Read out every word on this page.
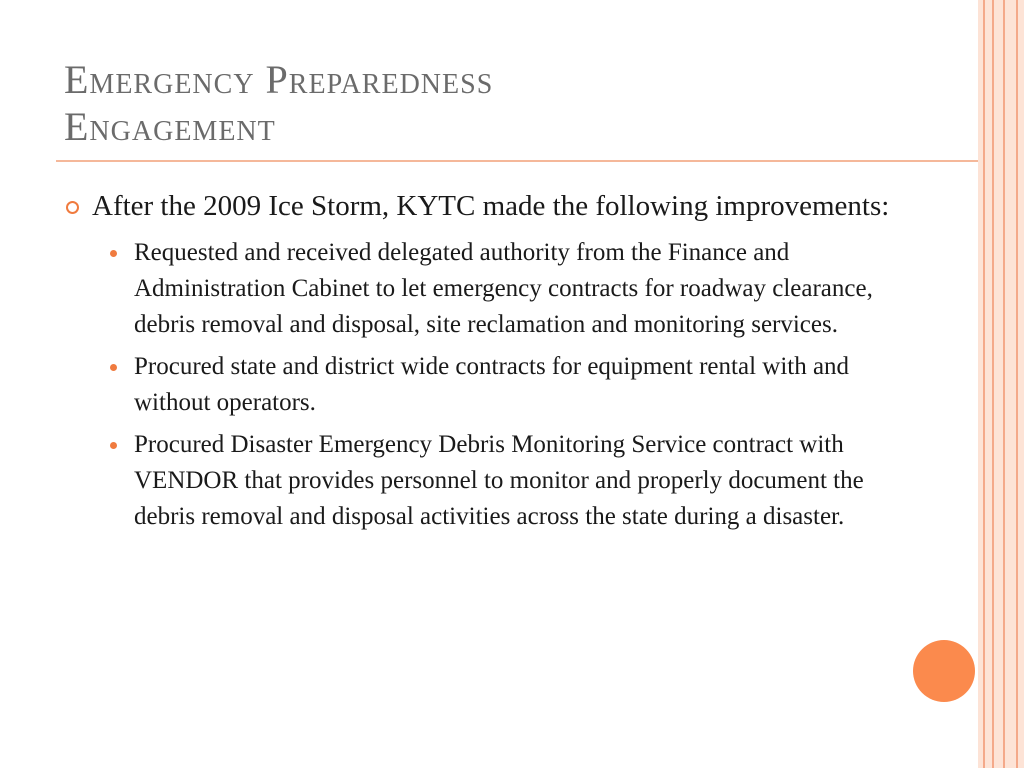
Emergency Preparedness
Engagement
After the 2009 Ice Storm, KYTC made the following improvements:
Requested and received delegated authority from the Finance and Administration Cabinet to let emergency contracts for roadway clearance, debris removal and disposal, site reclamation and monitoring services.
Procured state and district wide contracts for equipment rental with and without operators.
Procured Disaster Emergency Debris Monitoring Service contract with VENDOR that provides personnel to monitor and properly document the debris removal and disposal activities across the state during a disaster.
